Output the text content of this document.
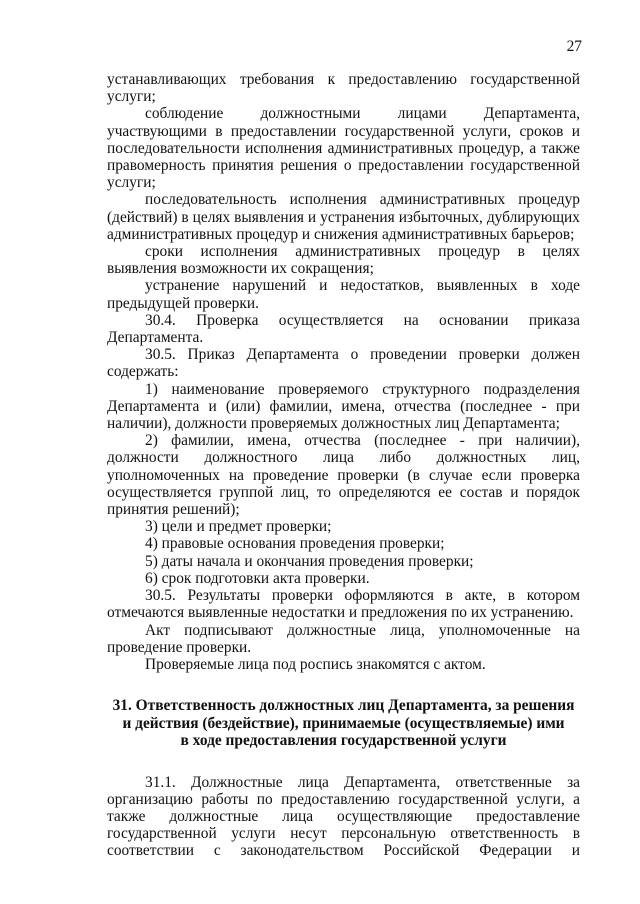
27

устанавливающих требования к предоставлению государственной услуги;

соблюдение должностными лицами Департамента, участвующими в предоставлении государственной услуги, сроков и последовательности исполнения административных процедур, а также правомерность принятия решения о предоставлении государственной услуги;

последовательность исполнения административных процедур (действий) в целях выявления и устранения избыточных, дублирующих административных процедур и снижения административных барьеров;

сроки исполнения административных процедур в целях выявления возможности их сокращения;

устранение нарушений и недостатков, выявленных в ходе предыдущей проверки.

30.4. Проверка осуществляется на основании приказа Департамента.

30.5. Приказ Департамента о проведении проверки должен содержать:

1) наименование проверяемого структурного подразделения Департамента и (или) фамилии, имена, отчества (последнее - при наличии), должности проверяемых должностных лиц Департамента;

2) фамилии, имена, отчества (последнее - при наличии), должности должностного лица либо должностных лиц, уполномоченных на проведение проверки (в случае если проверка осуществляется группой лиц, то определяются ее состав и порядок принятия решений);

3) цели и предмет проверки;

4) правовые основания проведения проверки;

5) даты начала и окончания проведения проверки;

6) срок подготовки акта проверки.

30.5. Результаты проверки оформляются в акте, в котором отмечаются выявленные недостатки и предложения по их устранению.

Акт подписывают должностные лица, уполномоченные на проведение проверки.

Проверяемые лица под роспись знакомятся с актом.

31. Ответственность должностных лиц Департамента, за решения
и действия (бездействие), принимаемые (осуществляемые) ими
в ходе предоставления государственной услуги

31.1. Должностные лица Департамента, ответственные за организацию работы по предоставлению государственной услуги, а также должностные лица осуществляющие предоставление государственной услуги несут персональную ответственность в соответствии с законодательством Российской Федерации и
